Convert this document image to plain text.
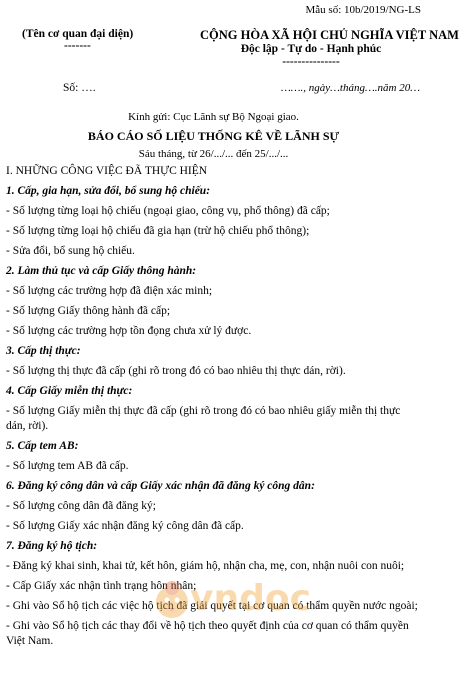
Mẫu số: 10b/2019/NG-LS
(Tên cơ quan đại diện)
-------
CỘNG HÒA XÃ HỘI CHỦ NGHĨA VIỆT NAM
Độc lập - Tự do - Hạnh phúc
---------------
Số: ….	……., ngày…tháng….năm 20…
Kính gửi: Cục Lãnh sự Bộ Ngoại giao.
BÁO CÁO SỐ LIỆU THỐNG KÊ VỀ LÃNH SỰ
Sáu tháng, từ 26/.../... đến 25/.../...

I. NHỮNG CÔNG VIỆC ĐÃ THỰC HIỆN

1. Cấp, gia hạn, sửa đổi, bổ sung hộ chiếu:

- Số lượng từng loại hộ chiếu (ngoại giao, công vụ, phổ thông) đã cấp;

- Số lượng từng loại hộ chiếu đã gia hạn (trừ hộ chiếu phổ thông);

- Sửa đổi, bổ sung hộ chiếu.

2. Làm thủ tục và cấp Giấy thông hành:

- Số lượng các trường hợp đã điện xác minh;

- Số lượng Giấy thông hành đã cấp;

- Số lượng các trường hợp tồn đọng chưa xử lý được.

3. Cấp thị thực:

- Số lượng thị thực đã cấp (ghi rõ trong đó có bao nhiêu thị thực dán, rời).

4. Cấp Giấy miễn thị thực:

- Số lượng Giấy miễn thị thực đã cấp (ghi rõ trong đó có bao nhiêu giấy miễn thị thực dán, rời).

5. Cấp tem AB:

- Số lượng tem AB đã cấp.

6. Đăng ký công dân và cấp Giấy xác nhận đã đăng ký công dân:

- Số lượng công dân đã đăng ký;

- Số lượng Giấy xác nhận đăng ký công dân đã cấp.

7. Đăng ký hộ tịch:

- Đăng ký khai sinh, khai tử, kết hôn, giám hộ, nhận cha, mẹ, con, nhận nuôi con nuôi;

- Cấp Giấy xác nhận tình trạng hôn nhân;

- Ghi vào Sổ hộ tịch các việc hộ tịch đã giải quyết tại cơ quan có thẩm quyền nước ngoài;

- Ghi vào Sổ hộ tịch các thay đổi về hộ tịch theo quyết định của cơ quan có thẩm quyền Việt Nam.

vndoc
